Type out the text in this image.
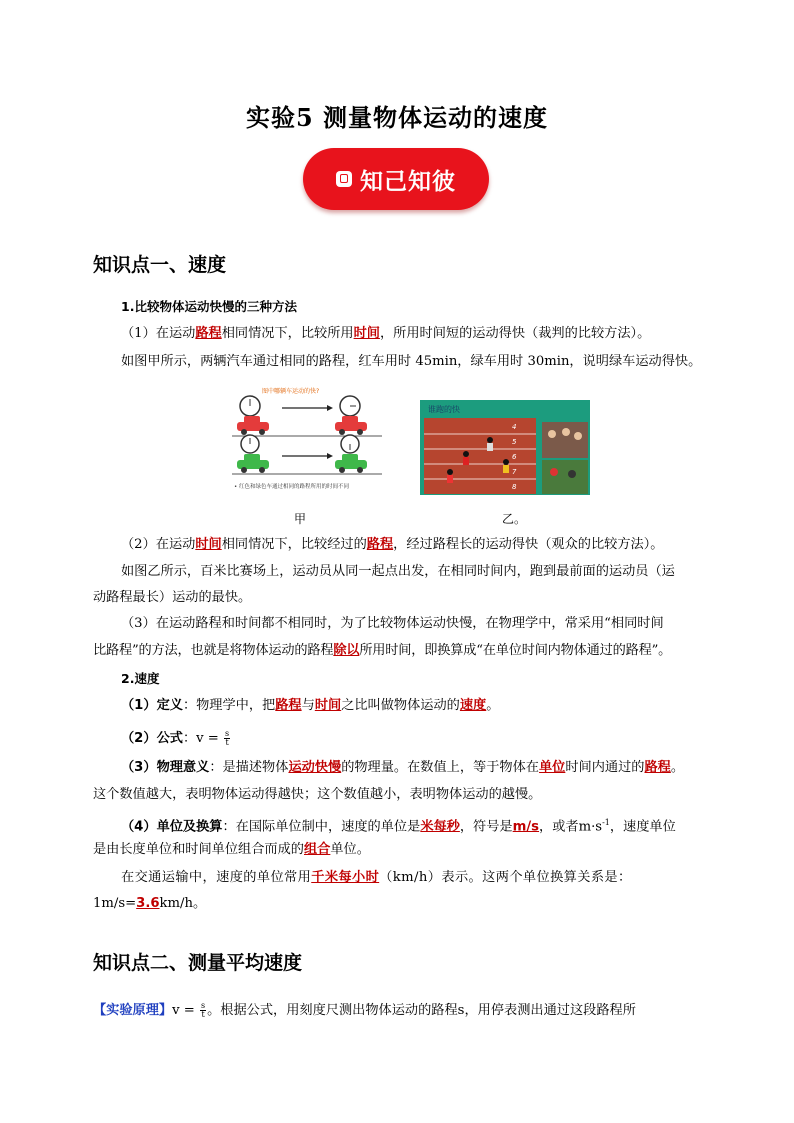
实验5 测量物体运动的速度
知己知彼
知识点一、速度
1.比较物体运动快慢的三种方法
（1）在运动路程相同情况下，比较所用时间，所用时间短的运动得快（裁判的比较方法）。
如图甲所示，两辆汽车通过相同的路程，红车用时 45min，绿车用时 30min，说明绿车运动得快。
图中哪辆车运动的快?
• 红色和绿色车通过相同的路程所用的时间不同
甲
谁跑的快
4
5
6
7
8
乙。
（2）在运动时间相同情况下，比较经过的路程，经过路程长的运动得快（观众的比较方法）。
如图乙所示，百米比赛场上，运动员从同一起点出发，在相同时间内，跑到最前面的运动员（运
动路程最长）运动的最快。
（3）在运动路程和时间都不相同时，为了比较物体运动快慢，在物理学中，常采用“相同时间
比路程”的方法，也就是将物体运动的路程除以所用时间，即换算成“在单位时间内物体通过的路程”。
2.速度
（1）定义：物理学中，把路程与时间之比叫做物体运动的速度。
（2）公式：$v = \frac{s}{t}$
（3）物理意义：是描述物体运动快慢的物理量。在数值上，等于物体在单位时间内通过的路程。
这个数值越大，表明物体运动得越快；这个数值越小，表明物体运动的越慢。
（4）单位及换算：在国际单位制中，速度的单位是米每秒，符号是m/s，或者$m\cdot s^{-1}$，速度单位
是由长度单位和时间单位组合而成的组合单位。
在交通运输中，速度的单位常用千米每小时（km/h）表示。这两个单位换算关系是：
1m/s=3.6km/h。
知识点二、测量平均速度
【实验原理】$v = \frac{s}{t}$ 。根据公式，用刻度尺测出物体运动的路程s，用停表测出通过这段路程所
